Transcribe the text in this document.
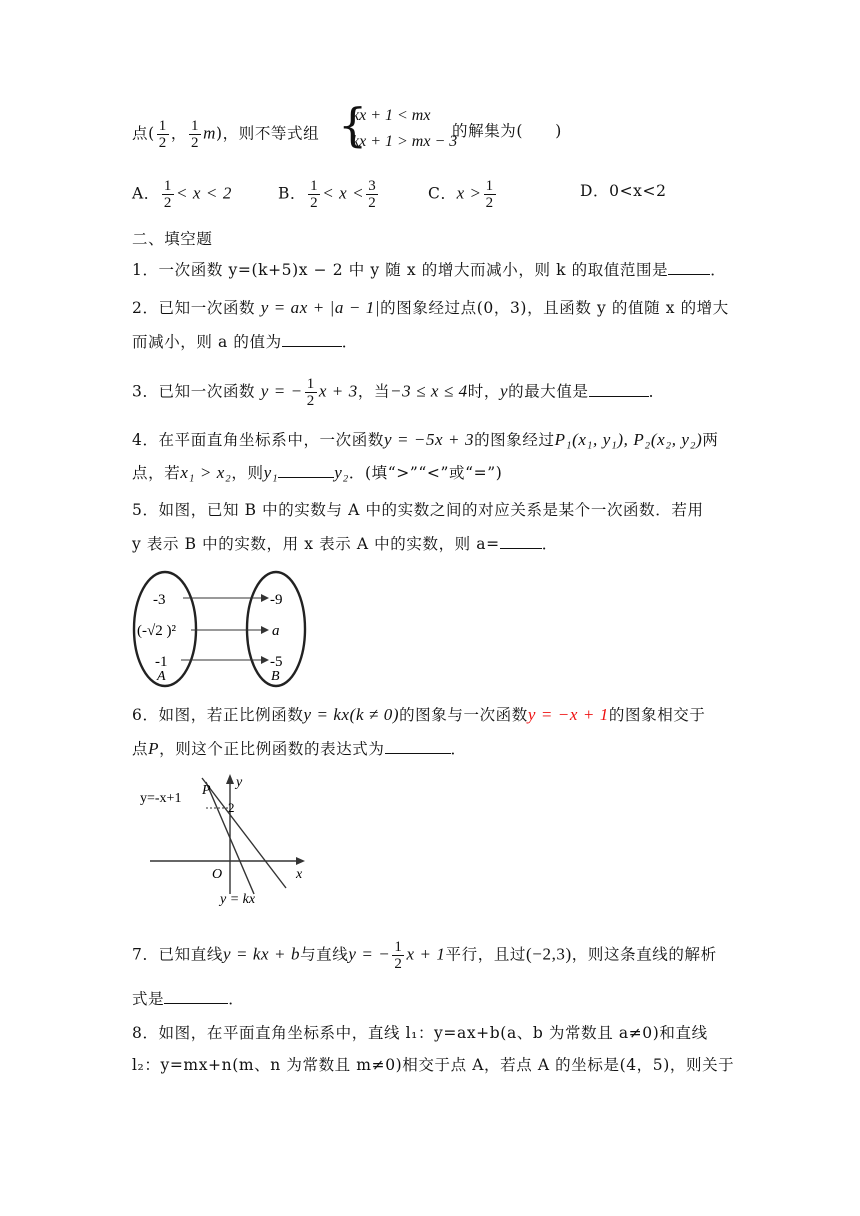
点( $\frac{1}{2}$ ， $\frac{1}{2} m$)，则不等式组 {
kx + 1 < mx
kx + 1 > mx − 3
的解集为(　　)
A． $\frac{1}{2} < x < 2$	B． $\frac{1}{2} < x < \frac{3}{2}$	C．$x > \frac{1}{2}$	D．0<x<2
二、填空题
1．一次函数 y=(k+5)x − 2 中 y 随 x 的增大而减小，则 k 的取值范围是	．
2．已知一次函数 y = ax + |a − 1|的图象经过点(0，3)，且函数 y 的值随 x 的增大
而减小，则 a 的值为	．
3．已知一次函数 y = − $\frac{1}{2}$ x + 3，当−3 ≤ x ≤ 4时，y的最大值是	．
4．在平面直角坐标系中，一次函数y = −5x + 3的图象经过P₁(x₁, y₁), P₂(x₂, y₂)两
点，若x₁ > x₂，则y₁	y₂．(填“>”“<”或“=”)
5．如图，已知 B 中的实数与 A 中的实数之间的对应关系是某个一次函数．若用
y 表示 B 中的实数，用 x 表示 A 中的实数，则 a=	．
-3
(-√2 )²
-1
A
-9
a
-5
B
6．如图，若正比例函数y = kx(k ≠ 0)的图象与一次函数y = −x + 1的图象相交于
点P，则这个正比例函数的表达式为	．
y=-x+1
P
2
y
x
O
y = kx
7．已知直线y = kx + b与直线y = − $\frac{1}{2}$ x + 1平行，且过(−2,3)，则这条直线的解析
式是	．
8．如图，在平面直角坐标系中，直线 l₁：y=ax+b(a、b 为常数且 a≠0)和直线
l₂：y=mx+n(m、n 为常数且 m≠0)相交于点 A，若点 A 的坐标是(4，5)，则关于
